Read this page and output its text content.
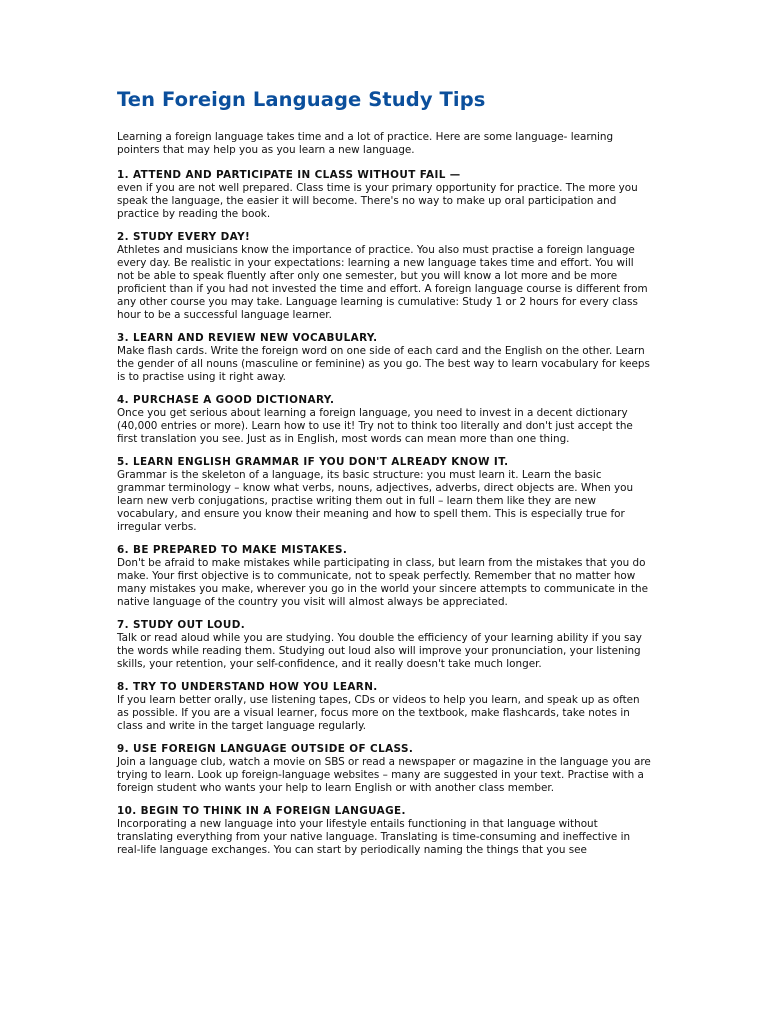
Ten Foreign Language Study Tips

Learning a foreign language takes time and a lot of practice. Here are some language- learning pointers that may help you as you learn a new language.

1. ATTEND AND PARTICIPATE IN CLASS WITHOUT FAIL —

even if you are not well prepared. Class time is your primary opportunity for practice. The more you speak the language, the easier it will become. There's no way to make up oral participation and practice by reading the book.

2. STUDY EVERY DAY!

Athletes and musicians know the importance of practice. You also must practise a foreign language every day. Be realistic in your expectations: learning a new language takes time and effort. You will not be able to speak fluently after only one semester, but you will know a lot more and be more proficient than if you had not invested the time and effort. A foreign language course is different from any other course you may take. Language learning is cumulative: Study 1 or 2 hours for every class hour to be a successful language learner.

3. LEARN AND REVIEW NEW VOCABULARY.

Make flash cards. Write the foreign word on one side of each card and the English on the other. Learn the gender of all nouns (masculine or feminine) as you go. The best way to learn vocabulary for keeps is to practise using it right away.

4. PURCHASE A GOOD DICTIONARY.

Once you get serious about learning a foreign language, you need to invest in a decent dictionary (40,000 entries or more). Learn how to use it! Try not to think too literally and don't just accept the first translation you see. Just as in English, most words can mean more than one thing.

5. LEARN ENGLISH GRAMMAR IF YOU DON'T ALREADY KNOW IT.

Grammar is the skeleton of a language, its basic structure: you must learn it. Learn the basic grammar terminology – know what verbs, nouns, adjectives, adverbs, direct objects are. When you learn new verb conjugations, practise writing them out in full – learn them like they are new vocabulary, and ensure you know their meaning and how to spell them. This is especially true for irregular verbs.

6. BE PREPARED TO MAKE MISTAKES.

Don't be afraid to make mistakes while participating in class, but learn from the mistakes that you do make. Your first objective is to communicate, not to speak perfectly. Remember that no matter how many mistakes you make, wherever you go in the world your sincere attempts to communicate in the native language of the country you visit will almost always be appreciated.

7. STUDY OUT LOUD.

Talk or read aloud while you are studying. You double the efficiency of your learning ability if you say the words while reading them. Studying out loud also will improve your pronunciation, your listening skills, your retention, your self-confidence, and it really doesn't take much longer.

8. TRY TO UNDERSTAND HOW YOU LEARN.

If you learn better orally, use listening tapes, CDs or videos to help you learn, and speak up as often as possible. If you are a visual learner, focus more on the textbook, make flashcards, take notes in class and write in the target language regularly.

9. USE FOREIGN LANGUAGE OUTSIDE OF CLASS.

Join a language club, watch a movie on SBS or read a newspaper or magazine in the language you are trying to learn. Look up foreign-language websites – many are suggested in your text. Practise with a foreign student who wants your help to learn English or with another class member.

10. BEGIN TO THINK IN A FOREIGN LANGUAGE.

Incorporating a new language into your lifestyle entails functioning in that language without translating everything from your native language. Translating is time-consuming and ineffective in real-life language exchanges. You can start by periodically naming the things that you see
